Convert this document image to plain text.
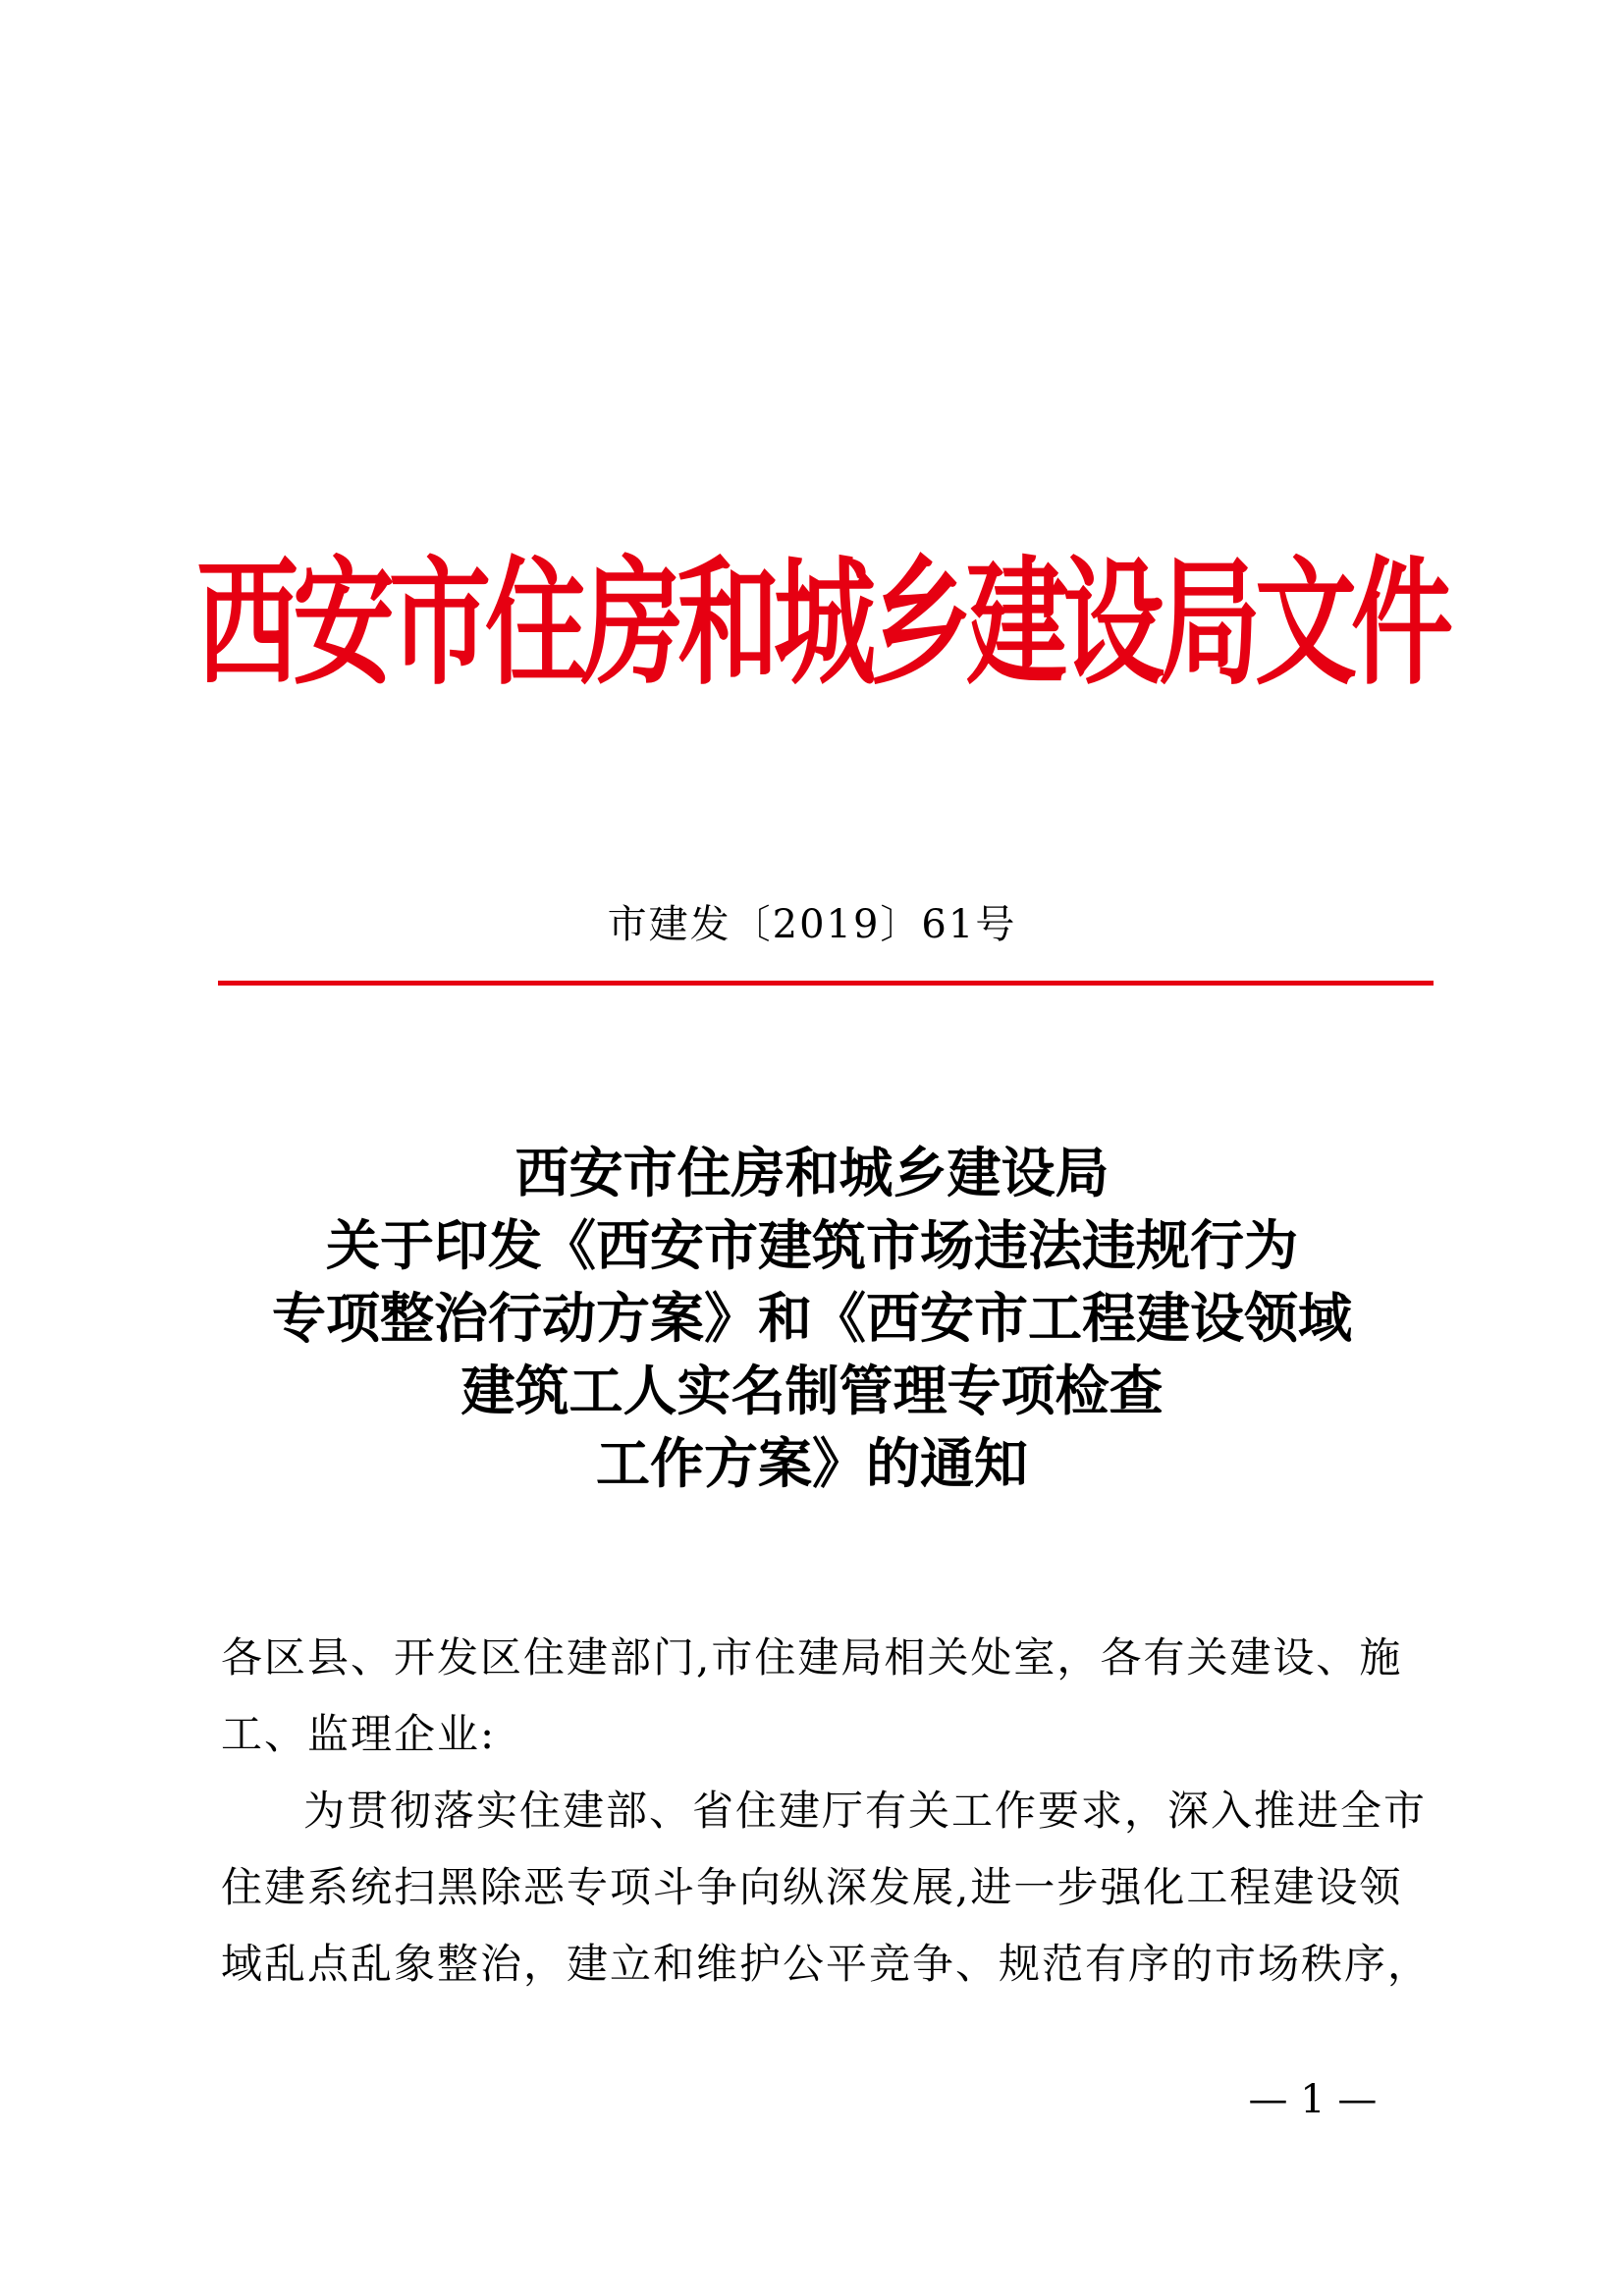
西安市住房和城乡建设局文件
市建发〔2019〕61号
西安市住房和城乡建设局
关于印发《西安市建筑市场违法违规行为
专项整治行动方案》和《西安市工程建设领域
建筑工人实名制管理专项检查
工作方案》的通知
各区县、开发区住建部门,市住建局相关处室，各有关建设、施
工、监理企业:
为贯彻落实住建部、省住建厅有关工作要求，深入推进全市
住建系统扫黑除恶专项斗争向纵深发展,进一步强化工程建设领
域乱点乱象整治，建立和维护公平竞争、规范有序的市场秩序，
— 1 —
